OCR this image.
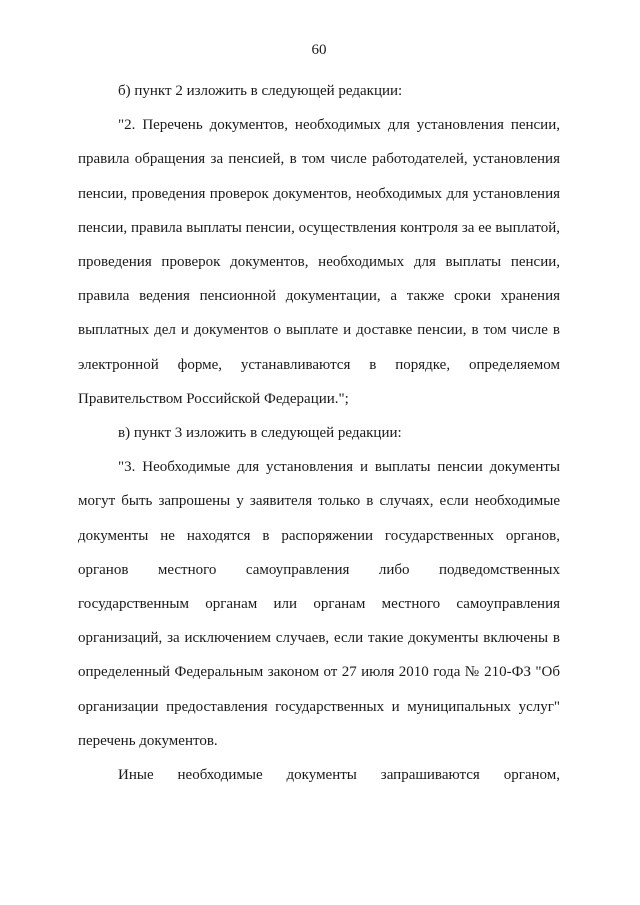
60

б) пункт 2 изложить в следующей редакции:

"2. Перечень документов, необходимых для установления пенсии, правила обращения за пенсией, в том числе работодателей, установления пенсии, проведения проверок документов, необходимых для установления пенсии, правила выплаты пенсии, осуществления контроля за ее выплатой, проведения проверок документов, необходимых для выплаты пенсии, правила ведения пенсионной документации, а также сроки хранения выплатных дел и документов о выплате и доставке пенсии, в том числе в электронной форме, устанавливаются в порядке, определяемом Правительством Российской Федерации.";

в) пункт 3 изложить в следующей редакции:

"3. Необходимые для установления и выплаты пенсии документы могут быть запрошены у заявителя только в случаях, если необходимые документы не находятся в распоряжении государственных органов, органов местного самоуправления либо подведомственных государственным органам или органам местного самоуправления организаций, за исключением случаев, если такие документы включены в определенный Федеральным законом от 27 июля 2010 года № 210-ФЗ "Об организации предоставления государственных и муниципальных услуг" перечень документов.

Иные необходимые документы запрашиваются органом,
